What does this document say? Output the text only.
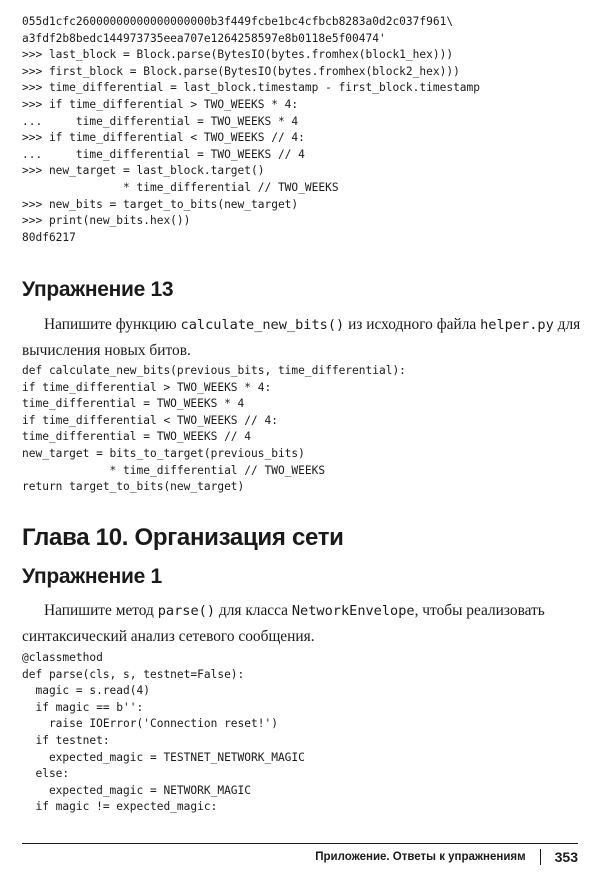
055d1cfc26000000000000000000b3f449fcbe1bc4cfbcb8283a0d2c037f961\
a3fdf2b8bedc144973735eea707e1264258597e8b0118e5f00474'
>>> last_block = Block.parse(BytesIO(bytes.fromhex(block1_hex)))
>>> first_block = Block.parse(BytesIO(bytes.fromhex(block2_hex)))
>>> time_differential = last_block.timestamp - first_block.timestamp
>>> if time_differential > TWO_WEEKS * 4:
...     time_differential = TWO_WEEKS * 4
>>> if time_differential < TWO_WEEKS // 4:
...     time_differential = TWO_WEEKS // 4
>>> new_target = last_block.target()
* time_differential // TWO_WEEKS
>>> new_bits = target_to_bits(new_target)
>>> print(new_bits.hex())
80df6217
Упражнение 13

Напишите функцию calculate_new_bits() из исходного файла helper.py для вычисления новых битов.

def calculate_new_bits(previous_bits, time_differential):
if time_differential > TWO_WEEKS * 4:
time_differential = TWO_WEEKS * 4
if time_differential < TWO_WEEKS // 4:
time_differential = TWO_WEEKS // 4
new_target = bits_to_target(previous_bits)
* time_differential // TWO_WEEKS
return target_to_bits(new_target)
Глава 10. Организация сети
Упражнение 1

Напишите метод parse() для класса NetworkEnvelope, чтобы реализовать синтаксический анализ сетевого сообщения.

@classmethod
def parse(cls, s, testnet=False):
magic = s.read(4)
if magic == b'':
raise IOError('Connection reset!')
if testnet:
expected_magic = TESTNET_NETWORK_MAGIC
else:
expected_magic = NETWORK_MAGIC
if magic != expected_magic:
Приложение. Ответы к упражнениям 353
